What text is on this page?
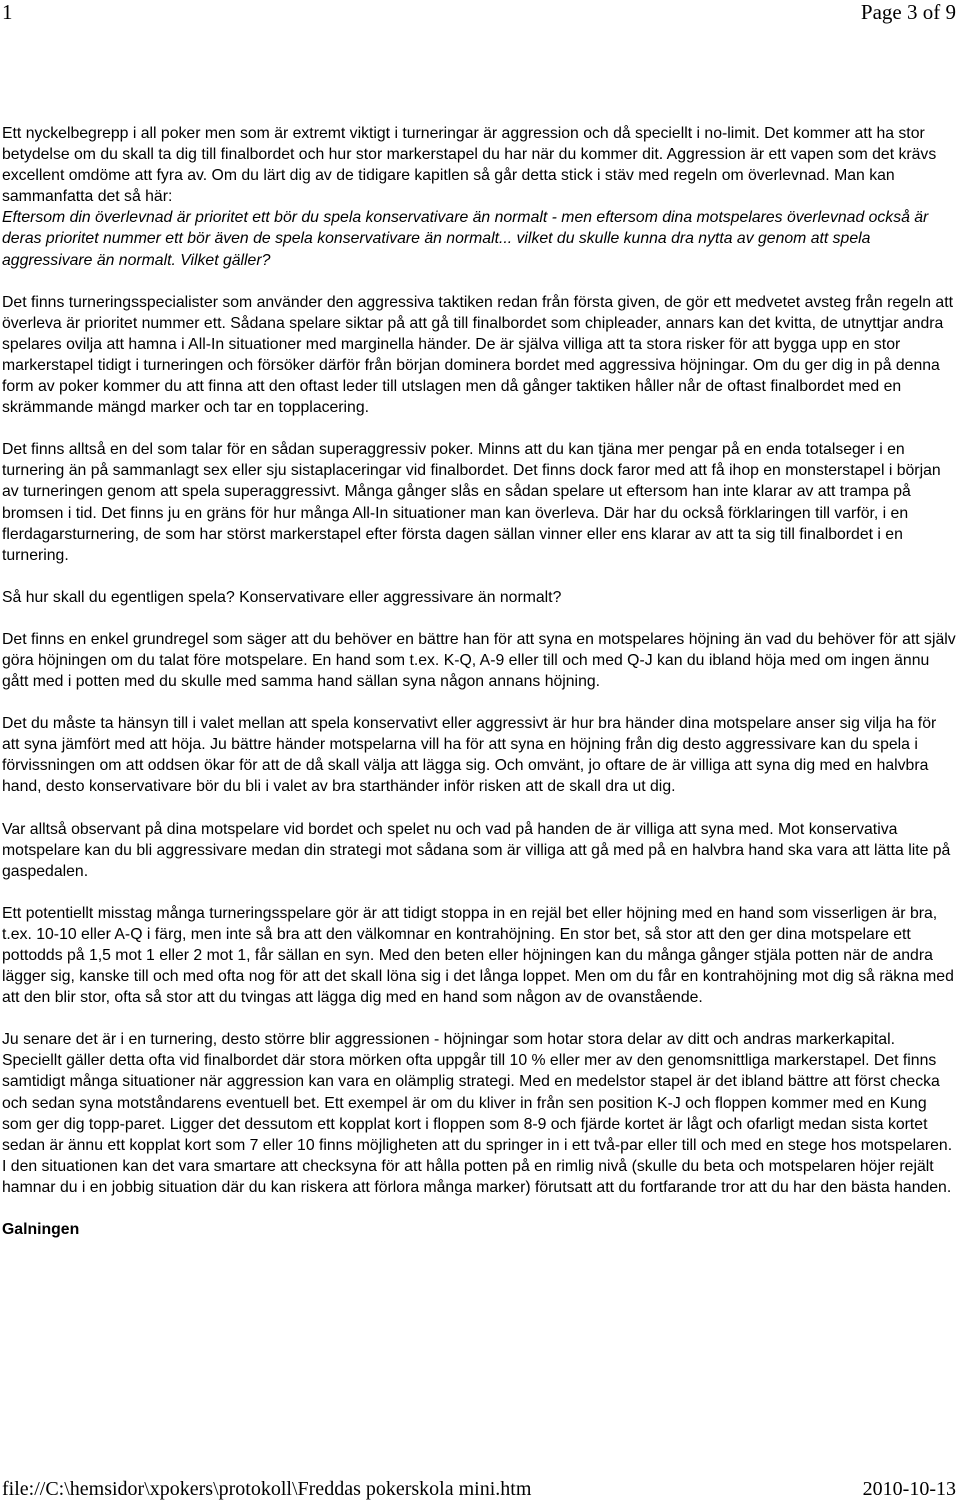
1	Page 3 of 9

Ett nyckelbegrepp i all poker men som är extremt viktigt i turneringar är aggression och då speciellt i no-limit. Det kommer att ha stor betydelse om du skall ta dig till finalbordet och hur stor markerstapel du har när du kommer dit. Aggression är ett vapen som det krävs excellent omdöme att fyra av. Om du lärt dig av de tidigare kapitlen så går detta stick i stäv med regeln om överlevnad. Man kan sammanfatta det så här:

Eftersom din överlevnad är prioritet ett bör du spela konservativare än normalt - men eftersom dina motspelares överlevnad också är deras prioritet nummer ett bör även de spela konservativare än normalt... vilket du skulle kunna dra nytta av genom att spela aggressivare än normalt. Vilket gäller?

Det finns turneringsspecialister som använder den aggressiva taktiken redan från första given, de gör ett medvetet avsteg från regeln att överleva är prioritet nummer ett. Sådana spelare siktar på att gå till finalbordet som chipleader, annars kan det kvitta, de utnyttjar andra spelares ovilja att hamna i All-In situationer med marginella händer. De är själva villiga att ta stora risker för att bygga upp en stor markerstapel tidigt i turneringen och försöker därför från början dominera bordet med aggressiva höjningar. Om du ger dig in på denna form av poker kommer du att finna att den oftast leder till utslagen men då gånger taktiken håller når de oftast finalbordet med en skrämmande mängd marker och tar en topplacering.

Det finns alltså en del som talar för en sådan superaggressiv poker. Minns att du kan tjäna mer pengar på en enda totalseger i en turnering än på sammanlagt sex eller sju sistaplaceringar vid finalbordet. Det finns dock faror med att få ihop en monsterstapel i början av turneringen genom att spela superaggressivt. Många gånger slås en sådan spelare ut eftersom han inte klarar av att trampa på bromsen i tid. Det finns ju en gräns för hur många All-In situationer man kan överleva. Där har du också förklaringen till varför, i en flerdagarsturnering, de som har störst markerstapel efter första dagen sällan vinner eller ens klarar av att ta sig till finalbordet i en turnering.

Så hur skall du egentligen spela? Konservativare eller aggressivare än normalt?

Det finns en enkel grundregel som säger att du behöver en bättre han för att syna en motspelares höjning än vad du behöver för att själv göra höjningen om du talat före motspelare. En hand som t.ex. K-Q, A-9 eller till och med Q-J kan du ibland höja med om ingen ännu gått med i potten med du skulle med samma hand sällan syna någon annans höjning.

Det du måste ta hänsyn till i valet mellan att spela konservativt eller aggressivt är hur bra händer dina motspelare anser sig vilja ha för att syna jämfört med att höja. Ju bättre händer motspelarna vill ha för att syna en höjning från dig desto aggressivare kan du spela i förvissningen om att oddsen ökar för att de då skall välja att lägga sig. Och omvänt, jo oftare de är villiga att syna dig med en halvbra hand, desto konservativare bör du bli i valet av bra starthänder inför risken att de skall dra ut dig.

Var alltså observant på dina motspelare vid bordet och spelet nu och vad på handen de är villiga att syna med. Mot konservativa motspelare kan du bli aggressivare medan din strategi mot sådana som är villiga att gå med på en halvbra hand ska vara att lätta lite på gaspedalen.

Ett potentiellt misstag många turneringsspelare gör är att tidigt stoppa in en rejäl bet eller höjning med en hand som visserligen är bra, t.ex. 10-10 eller A-Q i färg, men inte så bra att den välkomnar en kontrahöjning. En stor bet, så stor att den ger dina motspelare ett pottodds på 1,5 mot 1 eller 2 mot 1, får sällan en syn. Med den beten eller höjningen kan du många gånger stjäla potten när de andra lägger sig, kanske till och med ofta nog för att det skall löna sig i det långa loppet. Men om du får en kontrahöjning mot dig så räkna med att den blir stor, ofta så stor att du tvingas att lägga dig med en hand som någon av de ovanstående.

Ju senare det är i en turnering, desto större blir aggressionen - höjningar som hotar stora delar av ditt och andras markerkapital. Speciellt gäller detta ofta vid finalbordet där stora mörken ofta uppgår till 10 % eller mer av den genomsnittliga markerstapel. Det finns samtidigt många situationer när aggression kan vara en olämplig strategi. Med en medelstor stapel är det ibland bättre att först checka och sedan syna motståndarens eventuell bet. Ett exempel är om du kliver in från sen position K-J och floppen kommer med en Kung som ger dig topp-paret. Ligger det dessutom ett kopplat kort i floppen som 8-9 och fjärde kortet är lågt och ofarligt medan sista kortet sedan är ännu ett kopplat kort som 7 eller 10 finns möjligheten att du springer in i ett två-par eller till och med en stege hos motspelaren. I den situationen kan det vara smartare att checksyna för att hålla potten på en rimlig nivå (skulle du beta och motspelaren höjer rejält hamnar du i en jobbig situation där du kan riskera att förlora många marker) förutsatt att du fortfarande tror att du har den bästa handen.

Galningen

file://C:\hemsidor\xpokers\protokoll\Freddas pokerskola mini.htm	2010-10-13
